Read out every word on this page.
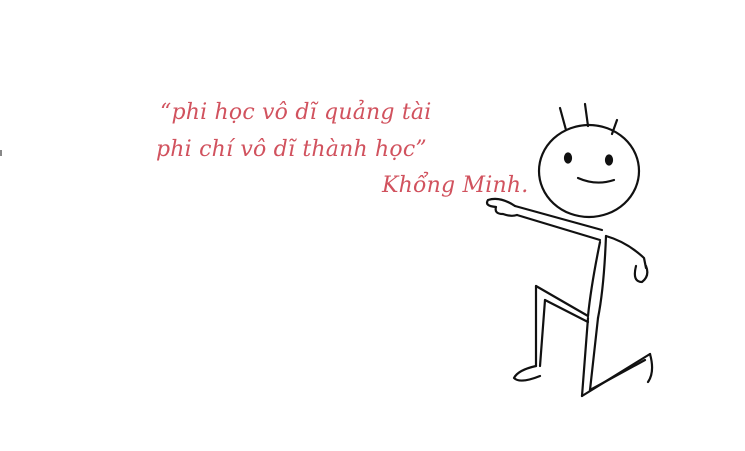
“phi học vô dĩ quảng tài
phi chí vô dĩ thành học”
Khổng Minh.
